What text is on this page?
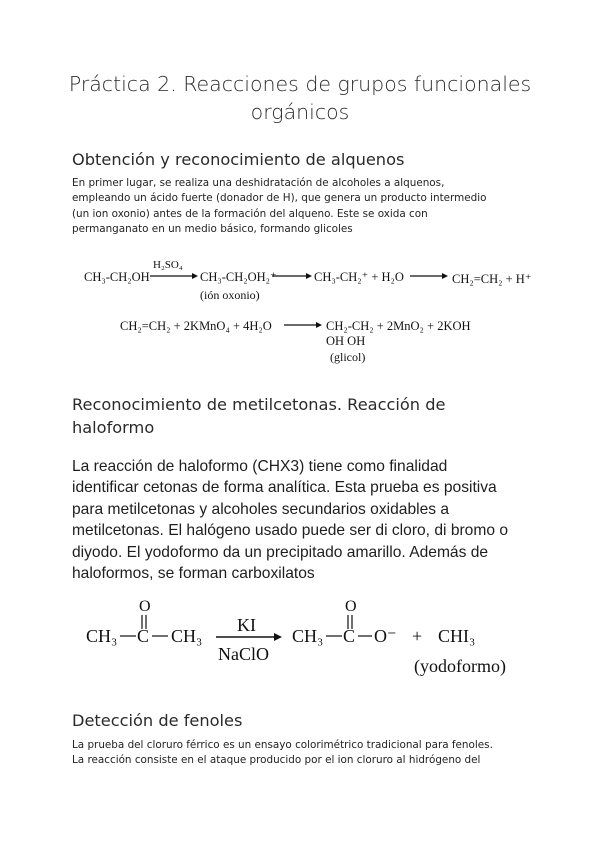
Práctica 2. Reacciones de grupos funcionales
orgánicos
Obtención y reconocimiento de alquenos
En primer lugar, se realiza una deshidratación de alcoholes a alquenos,
empleando un ácido fuerte (donador de H), que genera un producto intermedio
(un ion oxonio) antes de la formación del alqueno. Este se oxida con
permanganato en un medio básico, formando glicoles
CH₃-CH₂OH
H₂SO₄
CH₃-CH₂OH₂⁺
(ión oxonio)
CH₃-CH₂⁺ + H₂O	CH₂=CH₂ + H⁺
CH₂=CH₂ + 2KMnO₄ + 4H₂O	CH₂-CH₂ + 2MnO₂ + 2KOH
OH OH
(glicol)
Reconocimiento de metilcetonas. Reacción de
haloformo
La reacción de haloformo (CHX3) tiene como finalidad
identificar cetonas de forma analítica. Esta prueba es positiva
para metilcetonas y alcoholes secundarios oxidables a
metilcetonas. El halógeno usado puede ser di cloro, di bromo o
diyodo. El yodoformo da un precipitado amarillo. Además de
haloformos, se forman carboxilatos
O
CH₃ C CH₃
KI
NaClO
O
CH₃ C O⁻ + CHI₃
(yodoformo)
Detección de fenoles
La prueba del cloruro férrico es un ensayo colorimétrico tradicional para fenoles.
La reacción consiste en el ataque producido por el ion cloruro al hidrógeno del
